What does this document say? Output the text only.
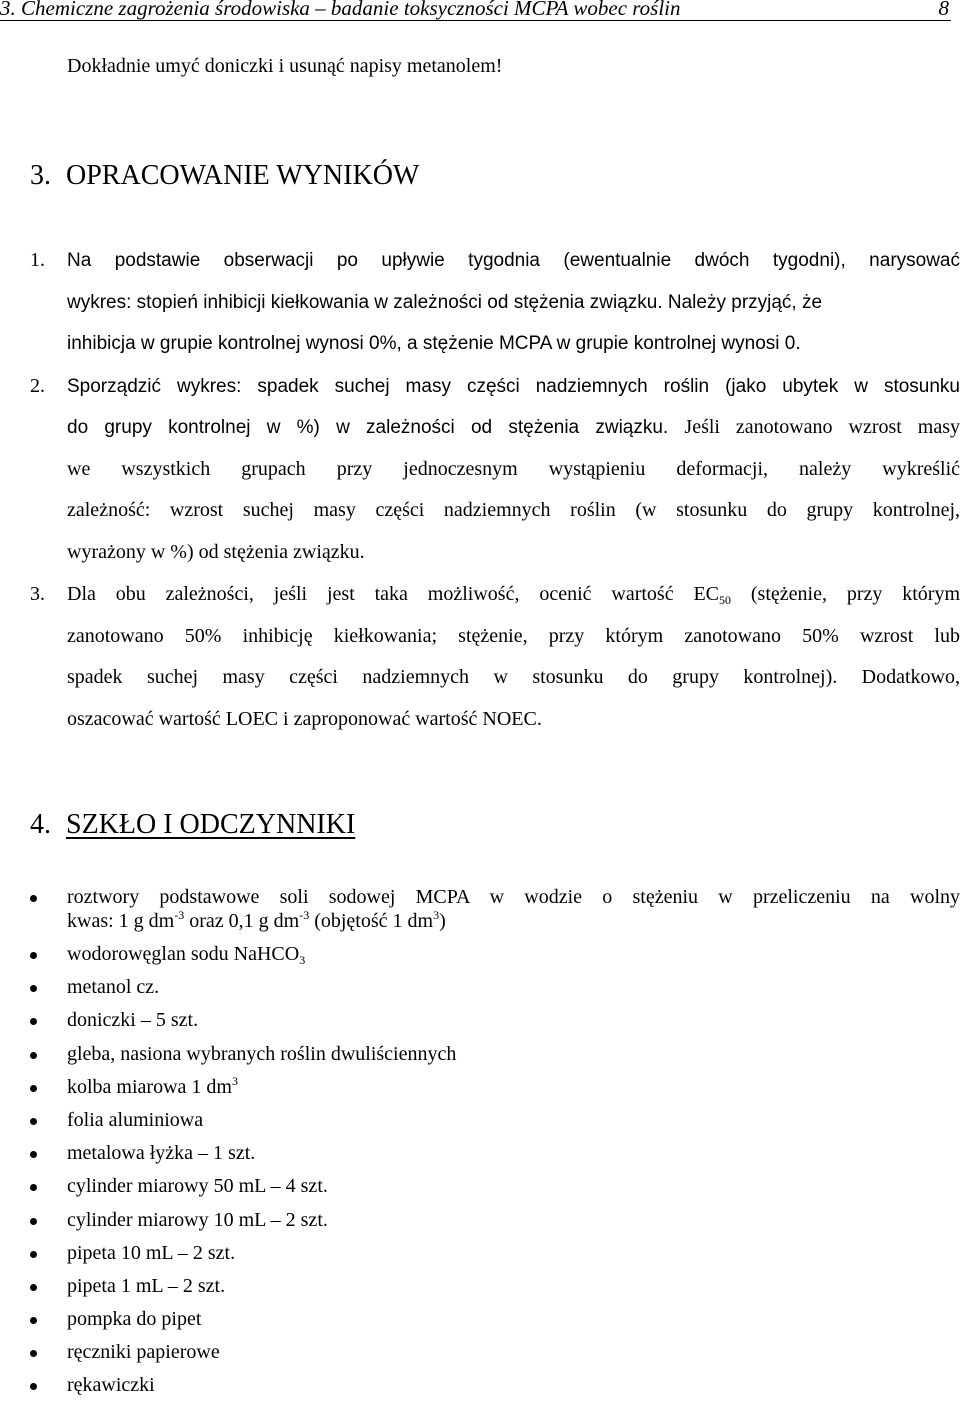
3. Chemiczne zagrożenia środowiska – badanie toksyczności MCPA wobec roślin	8
Dokładnie umyć doniczki i usunąć napisy metanolem!
3. OPRACOWANIE WYNIKÓW
1. Na podstawie obserwacji po upływie tygodnia (ewentualnie dwóch tygodni), narysować
wykres: stopień inhibicji kiełkowania w zależności od stężenia związku. Należy przyjąć, że
inhibicja w grupie kontrolnej wynosi 0%, a stężenie MCPA w grupie kontrolnej wynosi 0.
2. Sporządzić wykres: spadek suchej masy części nadziemnych roślin (jako ubytek w stosunku
do grupy kontrolnej w %) w zależności od stężenia związku. Jeśli zanotowano wzrost masy
we wszystkich grupach przy jednoczesnym wystąpieniu deformacji, należy wykreślić
zależność: wzrost suchej masy części nadziemnych roślin (w stosunku do grupy kontrolnej,
wyrażony w %) od stężenia związku.
3. Dla obu zależności, jeśli jest taka możliwość, ocenić wartość $EC_{50}$ (stężenie, przy którym
zanotowano 50% inhibicję kiełkowania; stężenie, przy którym zanotowano 50% wzrost lub
spadek suchej masy części nadziemnych w stosunku do grupy kontrolnej). Dodatkowo,
oszacować wartość LOEC i zaproponować wartość NOEC.
4. SZKŁO I ODCZYNNIKI
roztwory podstawowe soli sodowej MCPA w wodzie o stężeniu w przeliczeniu na wolny
kwas: 1 g $dm^{-3}$ oraz 0,1 g $dm^{-3}$ (objętość 1 $dm^3$)
wodorowęglan sodu NaHCO$_3$
metanol cz.
doniczki – 5 szt.
gleba, nasiona wybranych roślin dwuliściennych
kolba miarowa 1 $dm^3$
folia aluminiowa
metalowa łyżka – 1 szt.
cylinder miarowy 50 mL – 4 szt.
cylinder miarowy 10 mL – 2 szt.
pipeta 10 mL – 2 szt.
pipeta 1 mL – 2 szt.
pompka do pipet
ręczniki papierowe
rękawiczki
